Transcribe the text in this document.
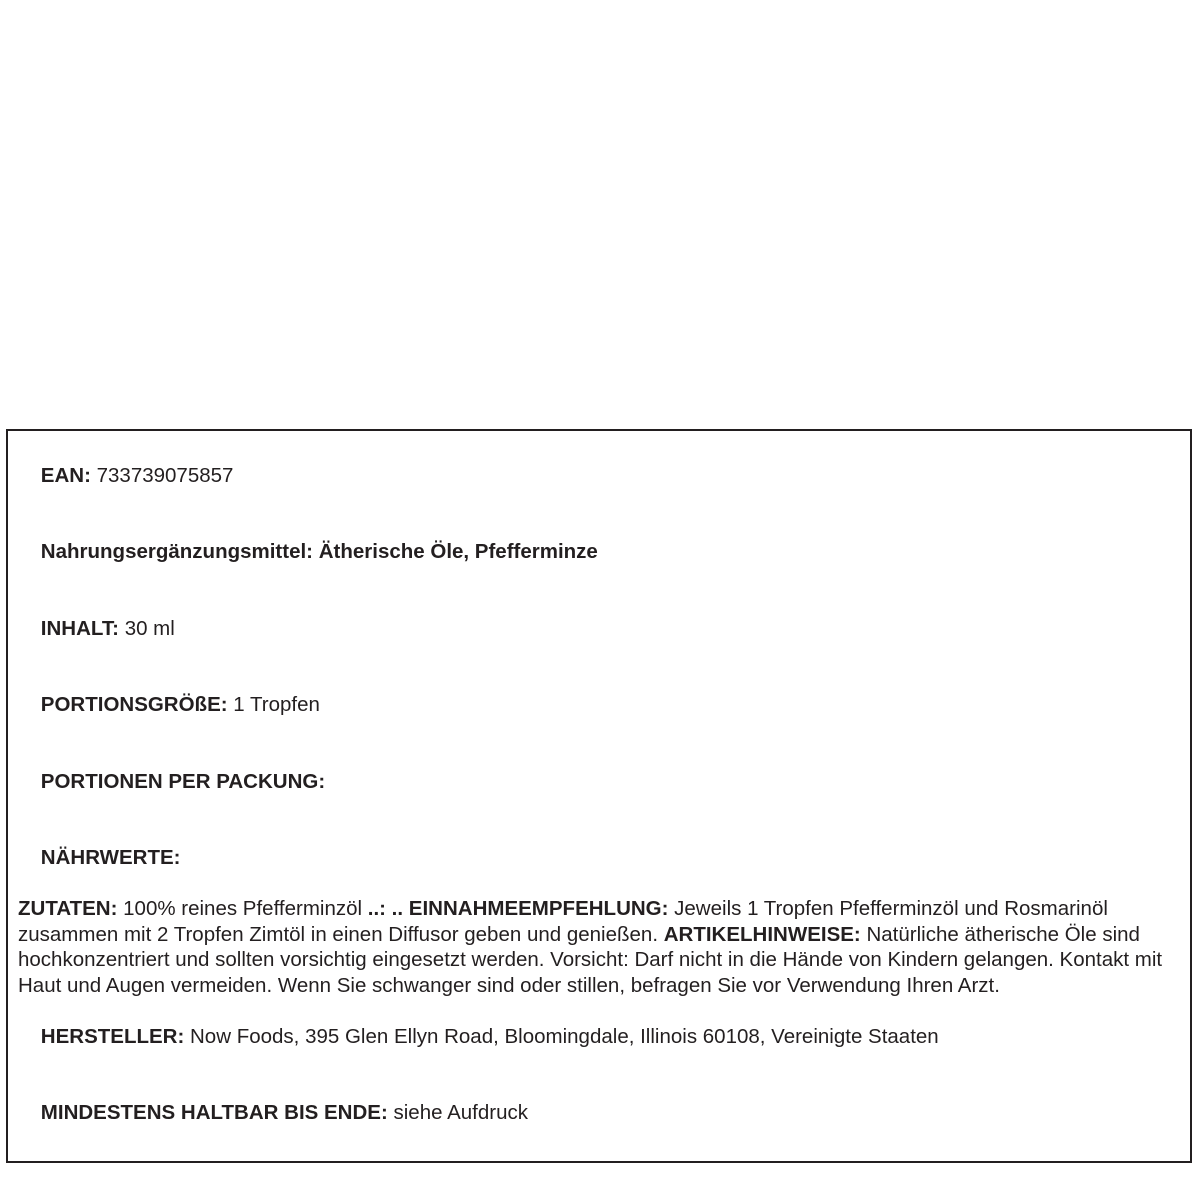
EAN: 733739075857

Nahrungsergänzungsmittel: Ätherische Öle, Pfefferminze

INHALT: 30 ml

PORTIONSGRÖßE: 1 Tropfen

PORTIONEN PER PACKUNG:

NÄHRWERTE:

ZUTATEN: 100% reines Pfefferminzöl ..: .. EINNAHMEEMPFEHLUNG: Jeweils 1 Tropfen Pfefferminzöl und Rosmarinöl zusammen mit 2 Tropfen Zimtöl in einen Diffusor geben und genießen. ARTIKELHINWEISE: Natürliche ätherische Öle sind hochkonzentriert und sollten vorsichtig eingesetzt werden. Vorsicht: Darf nicht in die Hände von Kindern gelangen. Kontakt mit Haut und Augen vermeiden. Wenn Sie schwanger sind oder stillen, befragen Sie vor Verwendung Ihren Arzt.

HERSTELLER: Now Foods, 395 Glen Ellyn Road, Bloomingdale, Illinois 60108, Vereinigte Staaten

MINDESTENS HALTBAR BIS ENDE: siehe Aufdruck
